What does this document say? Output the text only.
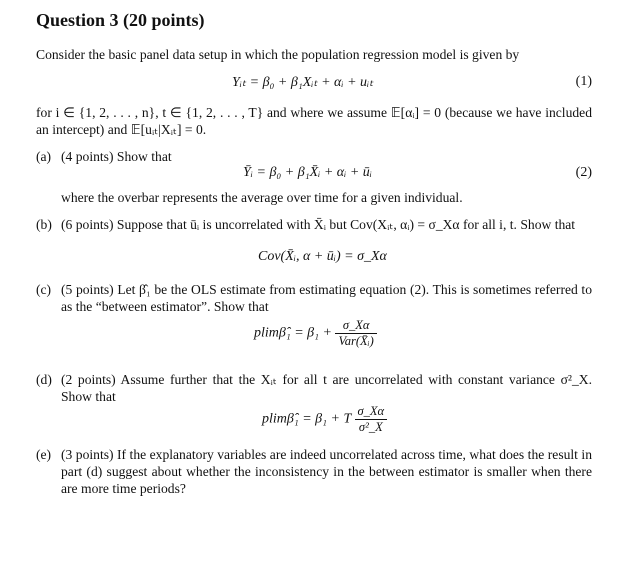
Question 3 (20 points)
Consider the basic panel data setup in which the population regression model is given by
Yᵢₜ = β₀ + β₁Xᵢₜ + αᵢ + uᵢₜ	(1)
for i ∈ {1, 2, . . . , n}, t ∈ {1, 2, . . . , T} and where we assume 𝔼[αᵢ] = 0 (because we have included an intercept) and 𝔼[uᵢₜ|Xᵢₜ] = 0.
(a) (4 points) Show that
Ȳᵢ = β₀ + β₁X̄ᵢ + αᵢ + ūᵢ	(2)
where the overbar represents the average over time for a given individual.
(b) (6 points) Suppose that ūᵢ is uncorrelated with X̄ᵢ but Cov(Xᵢₜ, αᵢ) = σ_Xα for all i, t. Show that
Cov(X̄ᵢ, α + ūᵢ) = σ_Xα
(c) (5 points) Let β̂₁ be the OLS estimate from estimating equation (2). This is sometimes referred to as the “between estimator”. Show that
plimβ̂₁ = $\beta_1 + \frac{\sigma\_X\alpha}{\text{Var(X̄ᵢ)}}$
(d) (2 points) Assume further that the Xᵢₜ for all t are uncorrelated with constant variance σ²_X. Show that
plimβ̂₁ = β₁ + T $\frac{\sigma\_X\alpha}{\text{σ²\_X}}$
(e) (3 points) If the explanatory variables are indeed uncorrelated across time, what does the result in part (d) suggest about whether the inconsistency in the between estimator is smaller when there are more time periods?
